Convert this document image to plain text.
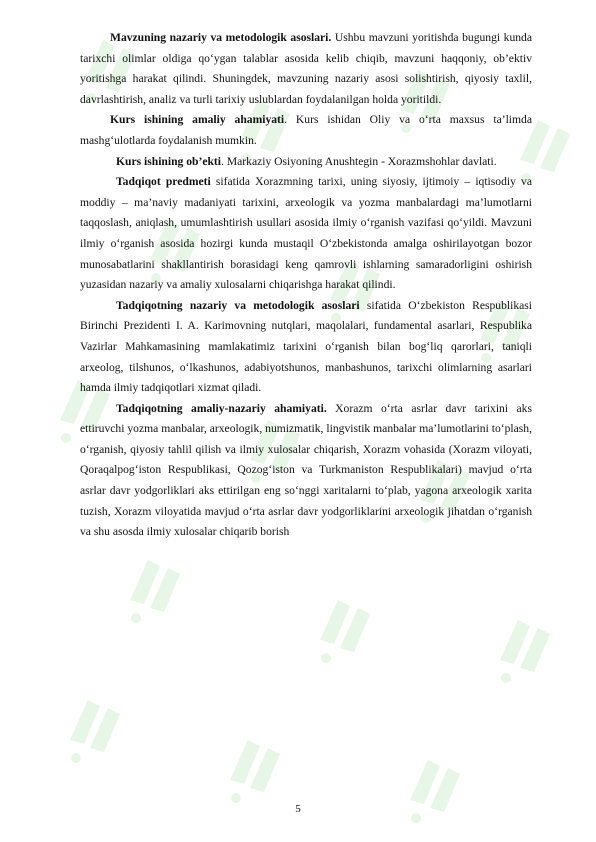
Mavzuning nazariy va metodologik asoslari. Ushbu mavzuni yoritishda bugungi kunda tarixchi olimlar oldiga qo‘ygan talablar asosida kelib chiqib, mavzuni haqqoniy, ob’ektiv yoritishga harakat qilindi. Shuningdek, mavzuning nazariy asosi solishtirish, qiyosiy taxlil, davrlashtirish, analiz va turli tarixiy uslublardan foydalanilgan holda yoritildi.

Kurs ishining amaliy ahamiyati. Kurs ishidan Oliy va o‘rta maxsus ta’limda mashg‘ulotlarda foydalanish mumkin.

Kurs ishining ob’ekti. Markaziy Osiyoning Anushtegin - Xorazmshohlar davlati.

Tadqiqot predmeti sifatida Xorazmning tarixi, uning siyosiy, ijtimoiy – iqtisodiy va moddiy – ma’naviy madaniyati tarixini, arxeologik va yozma manbalardagi ma’lumotlarni taqqoslash, aniqlash, umumlashtirish usullari asosida ilmiy o‘rganish vazifasi qo‘yildi. Mavzuni ilmiy o‘rganish asosida hozirgi kunda mustaqil O‘zbekistonda amalga oshirilayotgan bozor munosabatlarini shakllantirish borasidagi keng qamrovli ishlarning samaradorligini oshirish yuzasidan nazariy va amaliy xulosalarni chiqarishga harakat qilindi.

Tadqiqotning nazariy va metodologik asoslari sifatida O‘zbekiston Respublikasi Birinchi Prezidenti I. A. Karimovning nutqlari, maqolalari, fundamental asarlari, Respublika Vazirlar Mahkamasining mamlakatimiz tarixini o‘rganish bilan bog‘liq qarorlari, taniqli arxeolog, tilshunos, o‘lkashunos, adabiyotshunos, manbashunos, tarixchi olimlarning asarlari hamda ilmiy tadqiqotlari xizmat qiladi.

Tadqiqotning amaliy-nazariy ahamiyati. Xorazm o‘rta asrlar davr tarixini aks ettiruvchi yozma manbalar, arxeologik, numizmatik, lingvistik manbalar ma’lumotlarini to‘plash, o‘rganish, qiyosiy tahlil qilish va ilmiy xulosalar chiqarish, Xorazm vohasida (Xorazm viloyati, Qoraqalpog‘iston Respublikasi, Qozog‘iston va Turkmaniston Respublikalari) mavjud o‘rta asrlar davr yodgorliklari aks ettirilgan eng so‘nggi xaritalarni to‘plab, yagona arxeologik xarita tuzish, Xorazm viloyatida mavjud o‘rta asrlar davr yodgorliklarini arxeologik jihatdan o‘rganish va shu asosda ilmiy xulosalar chiqarib borish

5
